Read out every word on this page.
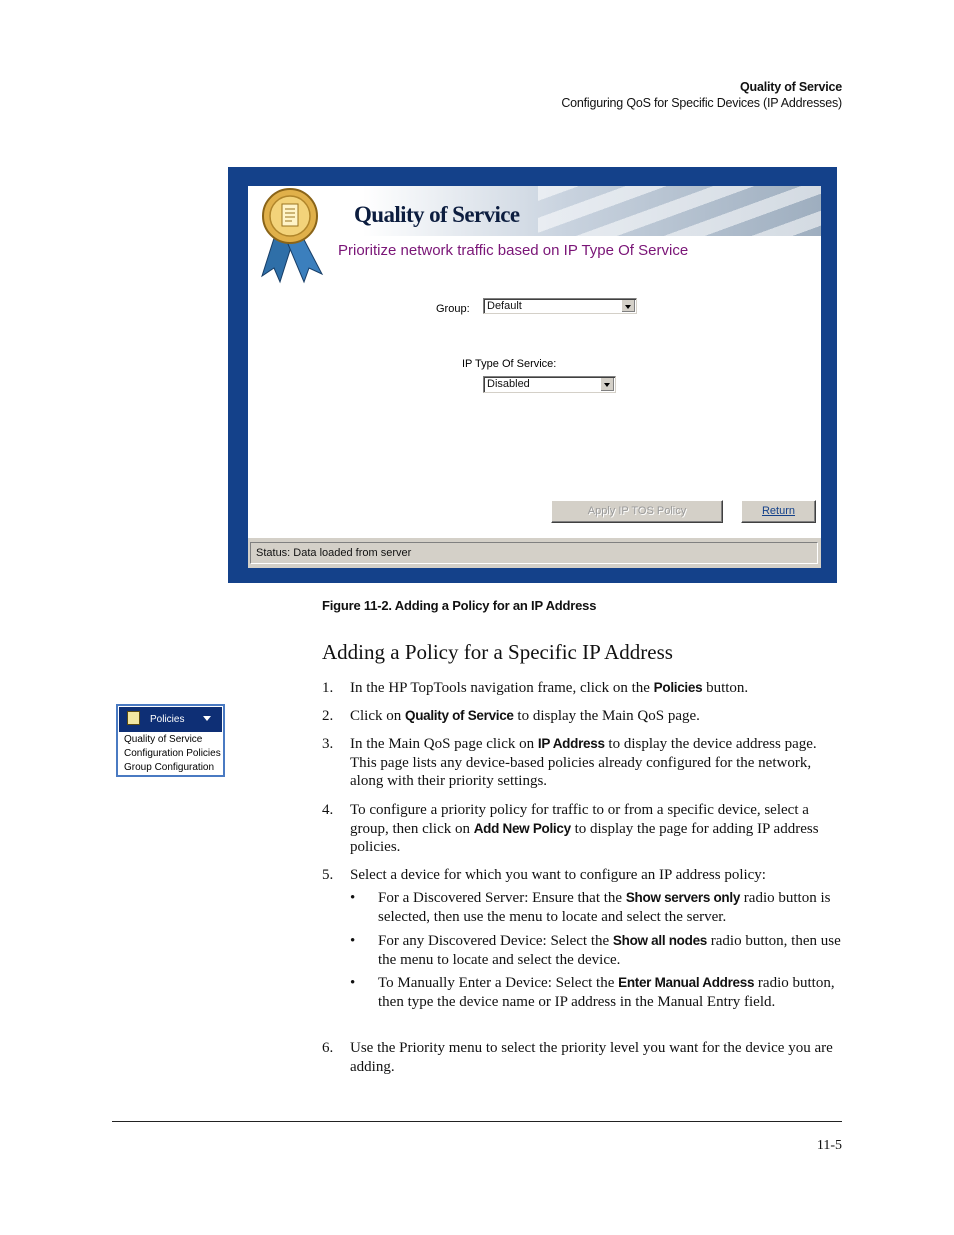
Quality of Service
Configuring QoS for Specific Devices (IP Addresses)
Quality of Service
Prioritize network traffic based on IP Type Of Service
Group: Default
IP Type Of Service:
Disabled
Apply IP TOS Policy	Return
Status: Data loaded from server
Figure 11-2. Adding a Policy for an IP Address
Adding a Policy for a Specific IP Address
Policies
Quality of Service
Configuration Policies
Group Configuration
1. In the HP TopTools navigation frame, click on the Policies button.
2. Click on Quality of Service to display the Main QoS page.
3. In the Main QoS page click on IP Address to display the device address page. This page lists any device-based policies already configured for the network, along with their priority settings.
4. To configure a priority policy for traffic to or from a specific device, select a group, then click on Add New Policy to display the page for adding IP address policies.
5. Select a device for which you want to configure an IP address policy:
• For a Discovered Server: Ensure that the Show servers only radio button is selected, then use the menu to locate and select the server.
• For any Discovered Device: Select the Show all nodes radio button, then use the menu to locate and select the device.
• To Manually Enter a Device: Select the Enter Manual Address radio button, then type the device name or IP address in the Manual Entry field.
6. Use the Priority menu to select the priority level you want for the device you are adding.
11-5
